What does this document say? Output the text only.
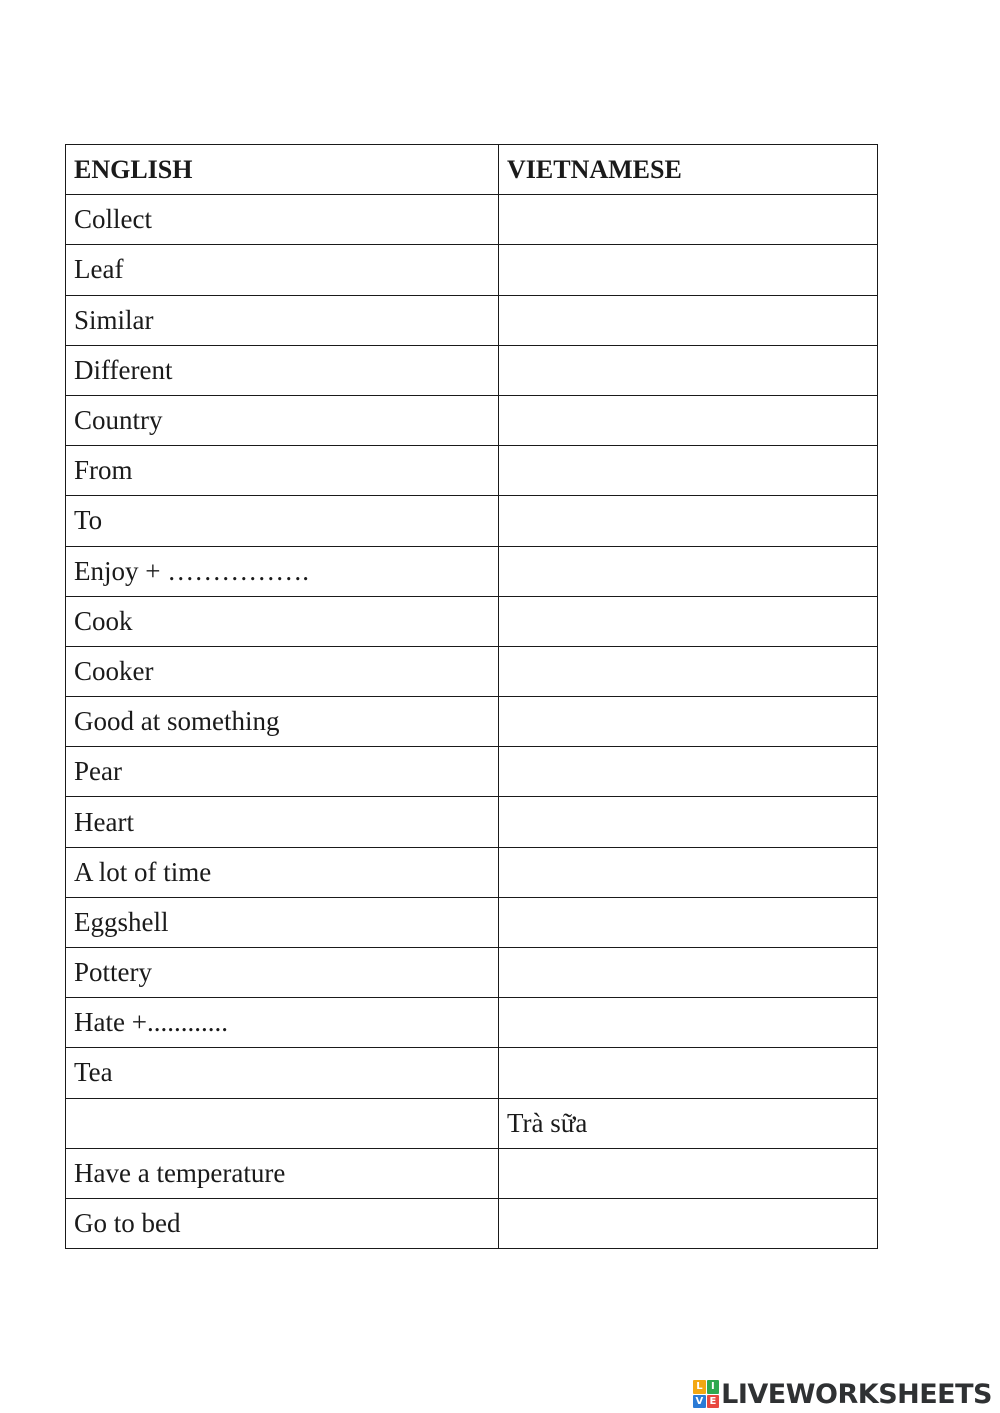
ENGLISH	VIETNAMESE
Collect	
Leaf	
Similar	
Different	
Country	
From	
To	
Enjoy + …………….	
Cook	
Cooker	
Good at something	
Pear	
Heart	
A lot of time	
Eggshell	
Pottery	
Hate +............	
Tea	
	Trà sữa
Have a temperature	
Go to bed	
L I
V E LIVEWORKSHEETS
